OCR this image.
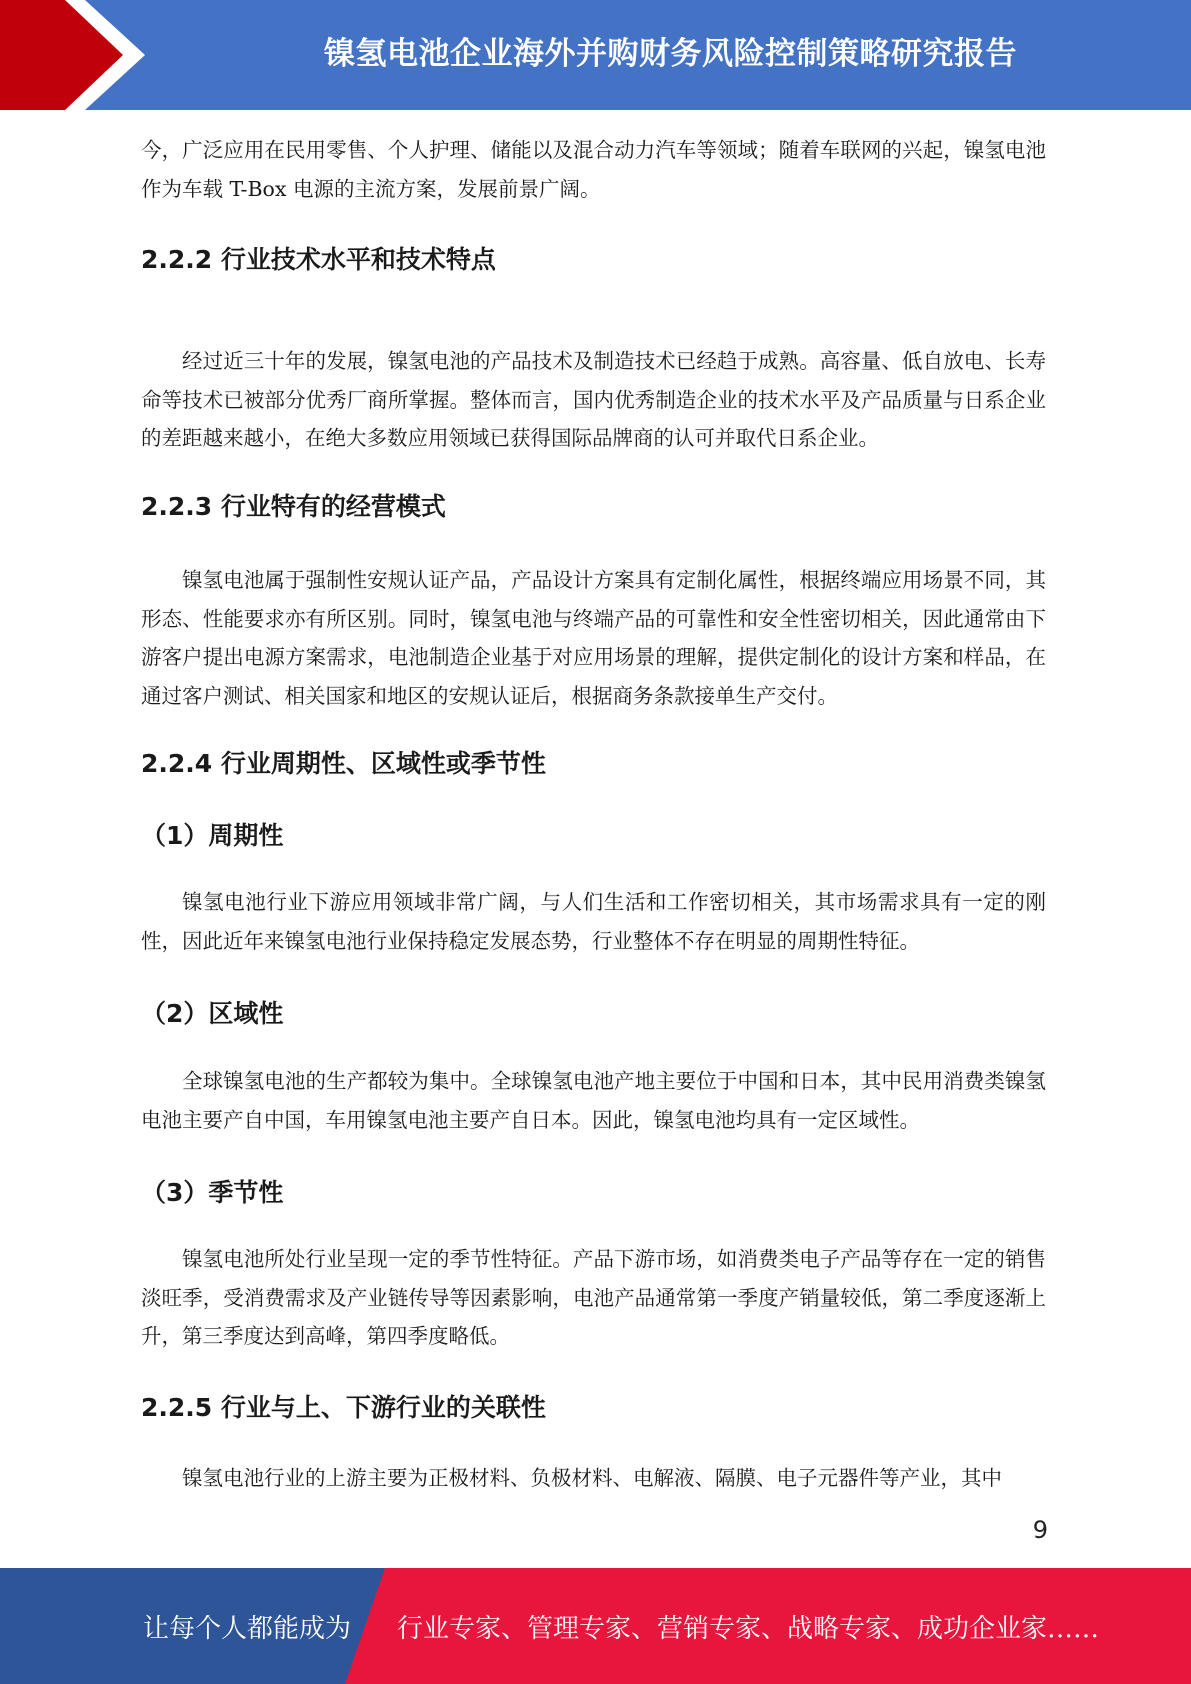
镍氢电池企业海外并购财务风险控制策略研究报告

今，广泛应用在民用零售、个人护理、储能以及混合动力汽车等领域；随着车联网的兴起，镍氢电池作为车载 T-Box 电源的主流方案，发展前景广阔。

2.2.2 行业技术水平和技术特点

经过近三十年的发展，镍氢电池的产品技术及制造技术已经趋于成熟。高容量、低自放电、长寿命等技术已被部分优秀厂商所掌握。整体而言，国内优秀制造企业的技术水平及产品质量与日系企业的差距越来越小，在绝大多数应用领域已获得国际品牌商的认可并取代日系企业。

2.2.3 行业特有的经营模式

镍氢电池属于强制性安规认证产品，产品设计方案具有定制化属性，根据终端应用场景不同，其形态、性能要求亦有所区别。同时，镍氢电池与终端产品的可靠性和安全性密切相关，因此通常由下游客户提出电源方案需求，电池制造企业基于对应用场景的理解，提供定制化的设计方案和样品，在通过客户测试、相关国家和地区的安规认证后，根据商务条款接单生产交付。

2.2.4 行业周期性、区域性或季节性
（1）周期性

镍氢电池行业下游应用领域非常广阔，与人们生活和工作密切相关，其市场需求具有一定的刚性，因此近年来镍氢电池行业保持稳定发展态势，行业整体不存在明显的周期性特征。

（2）区域性

全球镍氢电池的生产都较为集中。全球镍氢电池产地主要位于中国和日本，其中民用消费类镍氢电池主要产自中国，车用镍氢电池主要产自日本。因此，镍氢电池均具有一定区域性。

（3）季节性

镍氢电池所处行业呈现一定的季节性特征。产品下游市场，如消费类电子产品等存在一定的销售淡旺季，受消费需求及产业链传导等因素影响，电池产品通常第一季度产销量较低，第二季度逐渐上升，第三季度达到高峰，第四季度略低。

2.2.5 行业与上、下游行业的关联性

镍氢电池行业的上游主要为正极材料、负极材料、电解液、隔膜、电子元器件等产业，其中

9
让每个人都能成为 行业专家、管理专家、营销专家、战略专家、成功企业家……
